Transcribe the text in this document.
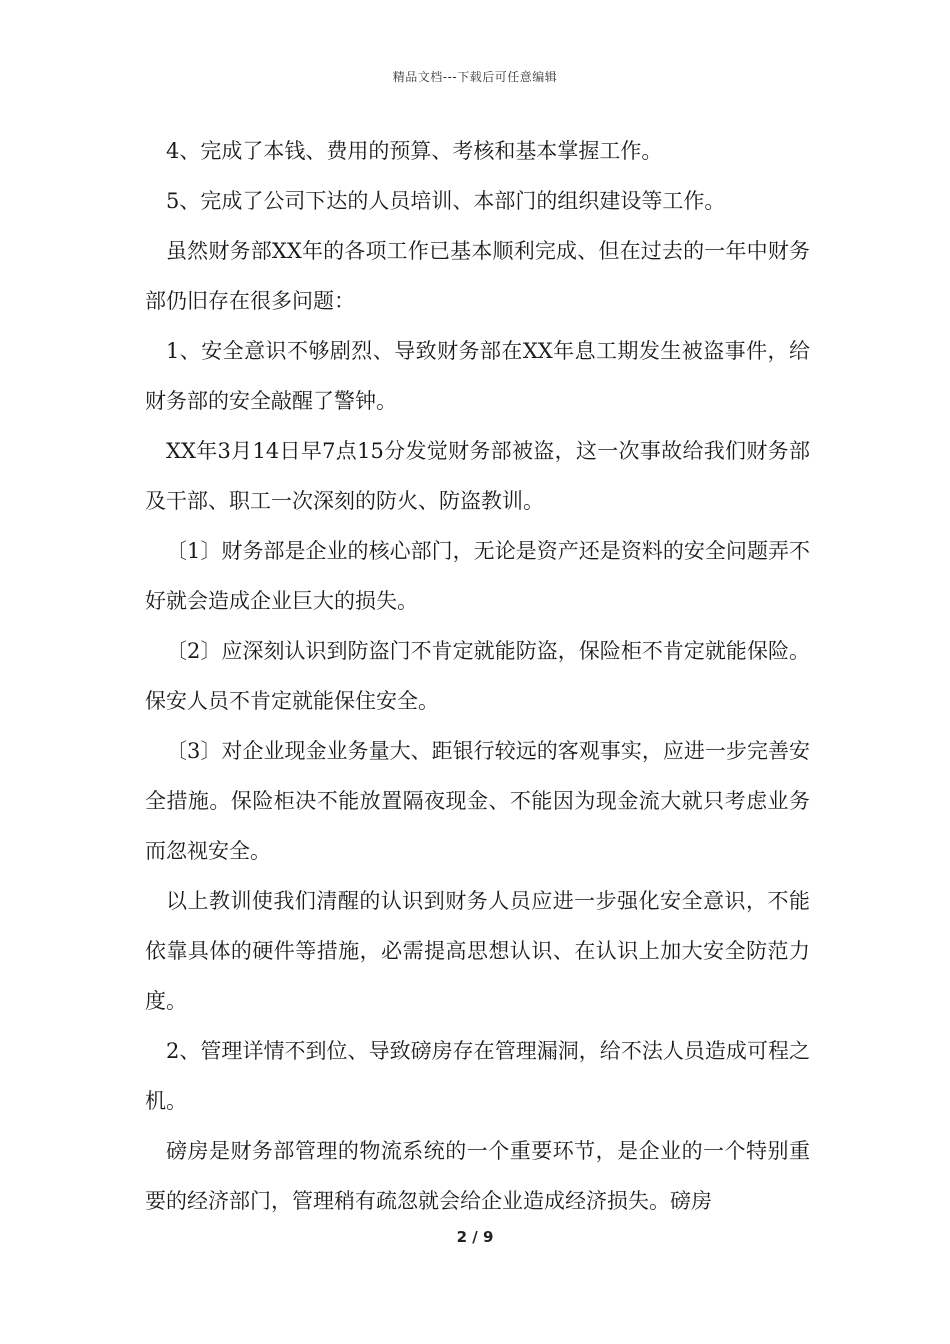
精品文档---下载后可任意编辑

4、完成了本钱、费用的预算、考核和基本掌握工作。

5、完成了公司下达的人员培训、本部门的组织建设等工作。

虽然财务部XX年的各项工作已基本顺利完成、但在过去的一年中财务部仍旧存在很多问题：

1、安全意识不够剧烈、导致财务部在XX年息工期发生被盗事件，给财务部的安全敲醒了警钟。

XX年3月14日早7点15分发觉财务部被盗，这一次事故给我们财务部及干部、职工一次深刻的防火、防盗教训。

〔1〕财务部是企业的核心部门，无论是资产还是资料的安全问题弄不好就会造成企业巨大的损失。

〔2〕应深刻认识到防盗门不肯定就能防盗，保险柜不肯定就能保险。保安人员不肯定就能保住安全。

〔3〕对企业现金业务量大、距银行较远的客观事实，应进一步完善安全措施。保险柜决不能放置隔夜现金、不能因为现金流大就只考虑业务而忽视安全。

以上教训使我们清醒的认识到财务人员应进一步强化安全意识，不能依靠具体的硬件等措施，必需提高思想认识、在认识上加大安全防范力度。

2、管理详情不到位、导致磅房存在管理漏洞，给不法人员造成可程之机。

磅房是财务部管理的物流系统的一个重要环节，是企业的一个特别重要的经济部门，管理稍有疏忽就会给企业造成经济损失。磅房

2 / 9
